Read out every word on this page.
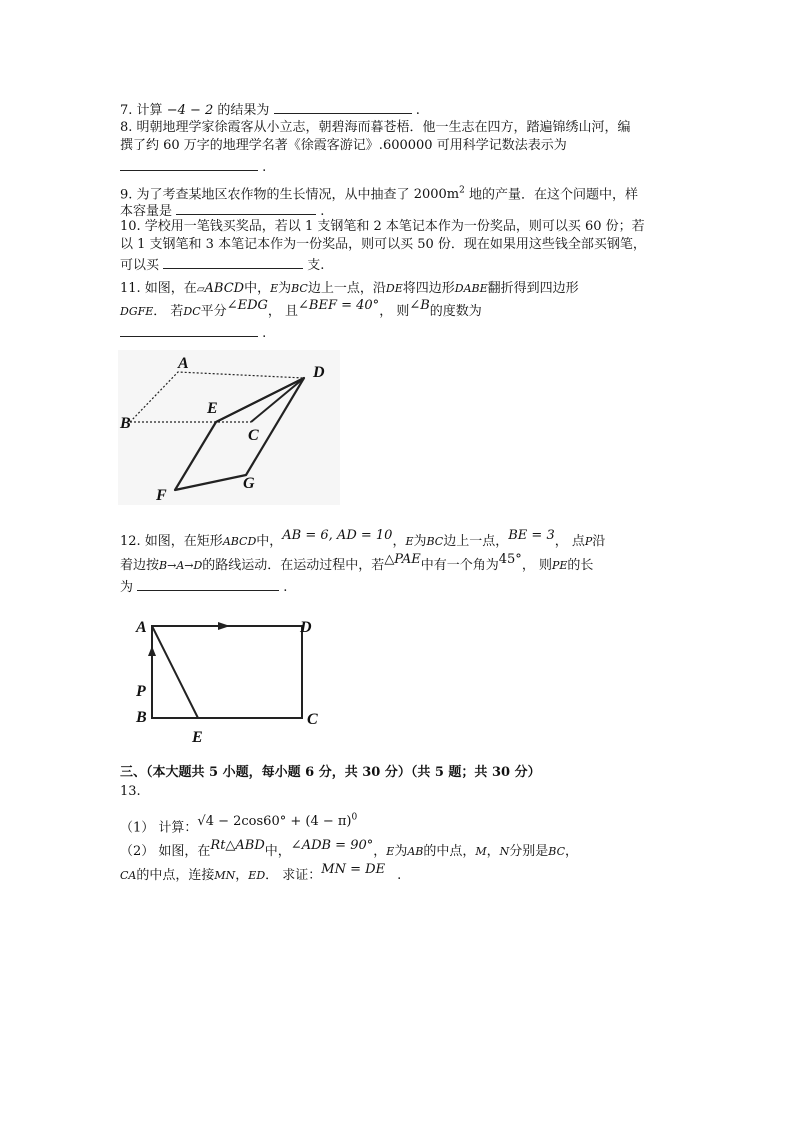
7. 计算 −4 − 2 的结果为	.
8. 明朝地理学家徐霞客从小立志，朝碧海而暮苍梧．他一生志在四方，踏遍锦绣山河，编
撰了约 60 万字的地理学名著《徐霞客游记》.600000 可用科学记数法表示为
.
9. 为了考查某地区农作物的生长情况，从中抽查了 $2000m^2$ 地的产量．在这个问题中，样
本容量是	.
10. 学校用一笔钱买奖品，若以 1 支钢笔和 2 本笔记本作为一份奖品，则可以买 60 份；若
以 1 支钢笔和 3 本笔记本作为一份奖品，则可以买 50 份．现在如果用这些钱全部买钢笔，
可以买	支.
11. 如图，在▱ABCD中，E为BC边上一点，沿DE将四边形DABE翻折得到四边形
DGFE． 若DC平分∠EDG， 且∠BEF = 40°， 则∠B的度数为
.
A
D
B
E
C
F
G
12. 如图，在矩形ABCD中，AB = 6, AD = 10，E为BC边上一点，BE = 3， 点P沿
着边按B→A→D的路线运动．在运动过程中，若△PAE中有一个角为45°， 则PE的长
为	.
A	D
P
B
E
C
三、（本大题共 5 小题，每小题 6 分，共 30 分）（共 5 题；共 30 分）
13.
（1） 计算：$√4 - 2\cos 60^\circ + (4 - \pi)^0$
（2） 如图，在Rt△ABD中，∠ADB = 90°，E为AB的中点，M，N分别是BC，
CA的中点，连接MN，ED． 求证：MN = DE .
